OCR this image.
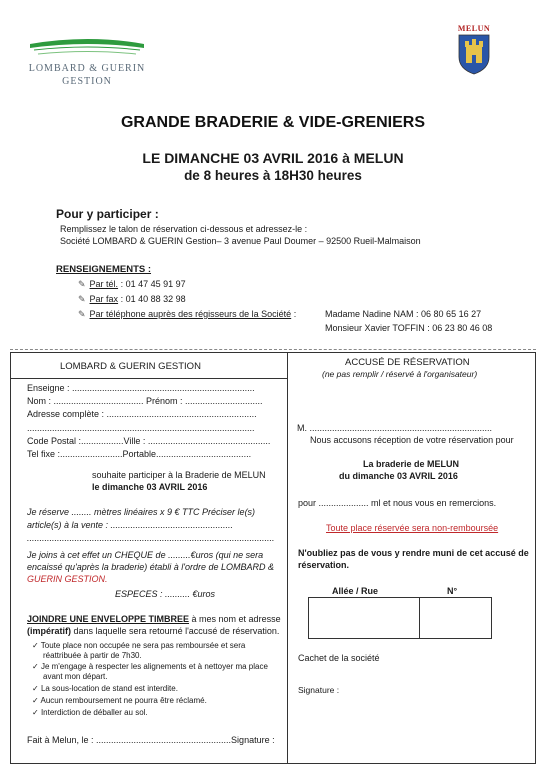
LOMBARD & GUERIN
GESTION
MELUN
GRANDE BRADERIE & VIDE-GRENIERS
LE DIMANCHE 03 AVRIL 2016 à MELUN
de 8 heures à 18H30 heures
Pour y participer :
Remplissez le talon de réservation ci-dessous et adressez-le :
Société LOMBARD & GUERIN Gestion– 3 avenue Paul Doumer – 92500 Rueil-Malmaison
RENSEIGNEMENTS :
✎ Par tél. : 01 47 45 91 97
✎ Par fax : 01 40 88 32 98
✎ Par téléphone auprès des régisseurs de la Société :	Madame Nadine NAM : 06 80 65 16 27
Monsieur Xavier TOFFIN : 06 23 80 46 08
LOMBARD & GUERIN GESTION
Enseigne : .........................................................................
Nom : .................................... Prénom : ...............................
Adresse complète : ............................................................
...........................................................................................
Code Postal :.................Ville : .................................................
Tel fixe :.........................Portable......................................
souhaite participer à la Braderie de MELUN
le dimanche 03 AVRIL 2016
Je réserve ........ mètres linéaires x 9 € TTC Préciser le(s)
article(s) à la vente : .................................................
...................................................................................................
Je joins à cet effet un CHEQUE de .........€uros (qui ne sera
encaissé qu'après la braderie) établi à l'ordre de LOMBARD &
GUERIN GESTION.
ESPECES : .......... €uros
JOINDRE UNE ENVELOPPE TIMBREE à mes nom et adresse
(impératif) dans laquelle sera retourné l'accusé de réservation.
✓ Toute place non occupée ne sera pas remboursée et sera
réattribuée à partir de 7h30.
✓ Je m'engage à respecter les alignements et à nettoyer ma place
avant mon départ.
✓ La sous-location de stand est interdite.
✓ Aucun remboursement ne pourra être réclamé.
✓ Interdiction de déballer au sol.
Fait à Melun, le : ......................................................Signature :
ACCUSÉ DE RÉSERVATION
(ne pas remplir / réservé à l'organisateur)
M. .........................................................................
Nous accusons réception de votre réservation pour
La braderie de MELUN
du dimanche 03 AVRIL 2016
pour .................... ml et nous vous en remercions.
Toute place réservée sera non-remboursée
N'oubliez pas de vous y rendre muni de cet accusé de
réservation.
Allée / Rue	N°
Cachet de la société
Signature :
